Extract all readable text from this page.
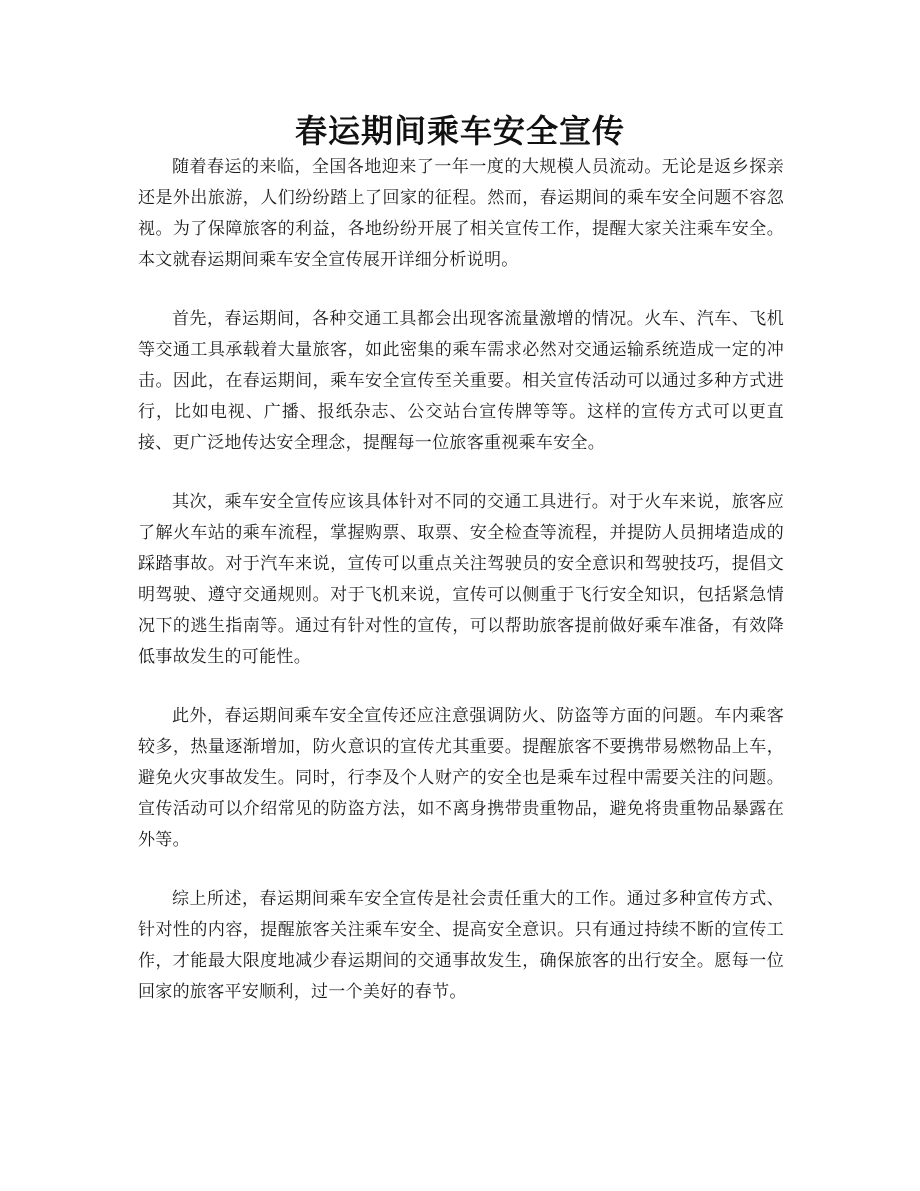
春运期间乘车安全宣传

随着春运的来临，全国各地迎来了一年一度的大规模人员流动。无论是返乡探亲还是外出旅游，人们纷纷踏上了回家的征程。然而，春运期间的乘车安全问题不容忽视。为了保障旅客的利益，各地纷纷开展了相关宣传工作，提醒大家关注乘车安全。本文就春运期间乘车安全宣传展开详细分析说明。

首先，春运期间，各种交通工具都会出现客流量激增的情况。火车、汽车、飞机等交通工具承载着大量旅客，如此密集的乘车需求必然对交通运输系统造成一定的冲击。因此，在春运期间，乘车安全宣传至关重要。相关宣传活动可以通过多种方式进行，比如电视、广播、报纸杂志、公交站台宣传牌等等。这样的宣传方式可以更直接、更广泛地传达安全理念，提醒每一位旅客重视乘车安全。

其次，乘车安全宣传应该具体针对不同的交通工具进行。对于火车来说，旅客应了解火车站的乘车流程，掌握购票、取票、安全检查等流程，并提防人员拥堵造成的踩踏事故。对于汽车来说，宣传可以重点关注驾驶员的安全意识和驾驶技巧，提倡文明驾驶、遵守交通规则。对于飞机来说，宣传可以侧重于飞行安全知识，包括紧急情况下的逃生指南等。通过有针对性的宣传，可以帮助旅客提前做好乘车准备，有效降低事故发生的可能性。

此外，春运期间乘车安全宣传还应注意强调防火、防盗等方面的问题。车内乘客较多，热量逐渐增加，防火意识的宣传尤其重要。提醒旅客不要携带易燃物品上车，避免火灾事故发生。同时，行李及个人财产的安全也是乘车过程中需要关注的问题。宣传活动可以介绍常见的防盗方法，如不离身携带贵重物品，避免将贵重物品暴露在外等。

综上所述，春运期间乘车安全宣传是社会责任重大的工作。通过多种宣传方式、针对性的内容，提醒旅客关注乘车安全、提高安全意识。只有通过持续不断的宣传工作，才能最大限度地减少春运期间的交通事故发生，确保旅客的出行安全。愿每一位回家的旅客平安顺利，过一个美好的春节。
